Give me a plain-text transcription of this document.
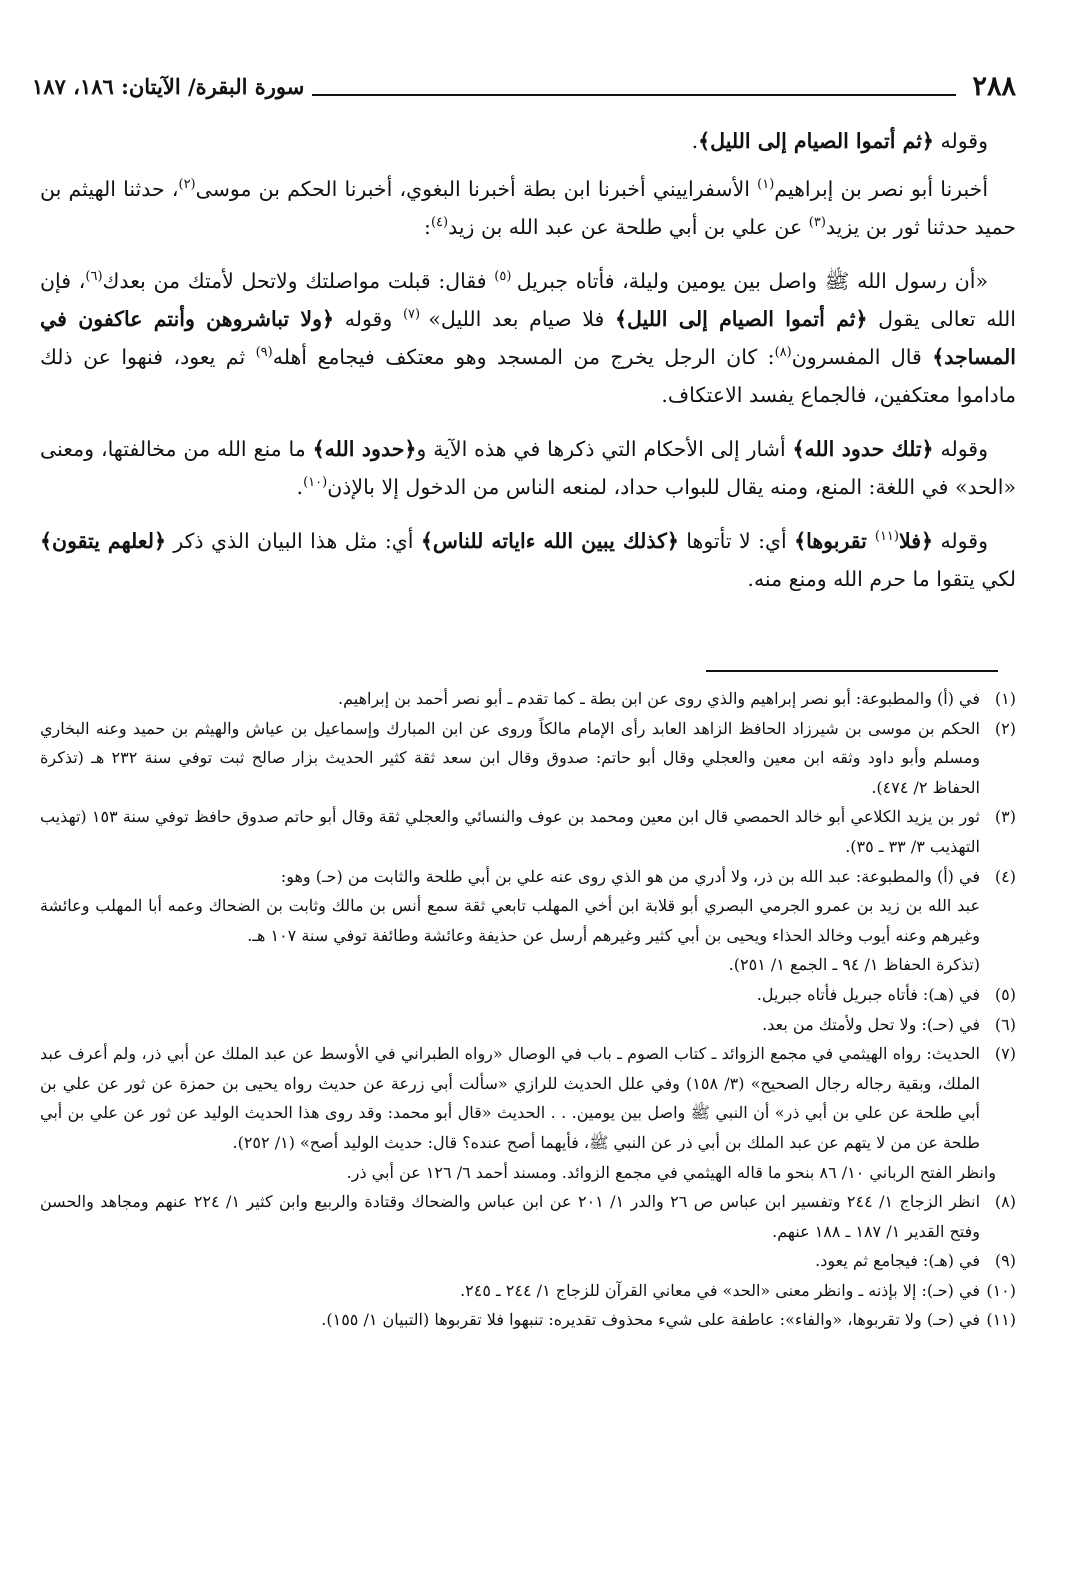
٢٨٨
سورة البقرة/ الآيتان: ١٨٦، ١٨٧

وقوله ﴿ثم أتموا الصيام إلى الليل﴾.

أخبرنا أبو نصر بن إبراهيم$^{(١)}$ الأسفراييني أخبرنا ابن بطة أخبرنا البغوي، أخبرنا الحكم بن موسى$^{(٢)}$، حدثنا الهيثم بن حميد حدثنا ثور بن يزيد$^{(٣)}$ عن علي بن أبي طلحة عن عبد الله بن زيد$^{(٤)}$:

«أن رسول الله ﷺ واصل بين يومين وليلة، فأتاه جبريل $^{(٥)}$ فقال: قبلت مواصلتك ولاتحل لأمتك من بعدك$^{(٦)}$، فإن الله تعالى يقول ﴿ثم أتموا الصيام إلى الليل﴾ فلا صيام بعد الليل» $^{(٧)}$ وقوله ﴿ولا تباشروهن وأنتم عاكفون في المساجد﴾ قال المفسرون$^{(٨)}$: كان الرجل يخرج من المسجد وهو معتكف فيجامع أهله$^{(٩)}$ ثم يعود، فنهوا عن ذلك ماداموا معتكفين، فالجماع يفسد الاعتكاف.

وقوله ﴿تلك حدود الله﴾ أشار إلى الأحكام التي ذكرها في هذه الآية و﴿حدود الله﴾ ما منع الله من مخالفتها، ومعنى «الحد» في اللغة: المنع، ومنه يقال للبواب حداد، لمنعه الناس من الدخول إلا بالإذن$^{(١٠)}$.

وقوله ﴿فلا$^{(١١)}$ تقربوها﴾ أي: لا تأتوها ﴿كذلك يبين الله ءاياته للناس﴾ أي: مثل هذا البيان الذي ذكر ﴿لعلهم يتقون﴾ لكي يتقوا ما حرم الله ومنع منه.

(١)
في (أ) والمطبوعة: أبو نصر إبراهيم والذي روى عن ابن بطة ـ كما تقدم ـ أبو نصر أحمد بن إبراهيم.
(٢)
الحكم بن موسى بن شيرزاد الحافظ الزاهد العابد رأى الإمام مالكاً وروى عن ابن المبارك وإسماعيل بن عياش والهيثم بن حميد وعنه البخاري ومسلم وأبو داود وثقه ابن معين والعجلي وقال أبو حاتم: صدوق وقال ابن سعد ثقة كثير الحديث بزار صالح ثبت توفي سنة ٢٣٢ هـ (تذكرة الحفاظ ٢/ ٤٧٤).
(٣)
ثور بن يزيد الكلاعي أبو خالد الحمصي قال ابن معين ومحمد بن عوف والنسائي والعجلي ثقة وقال أبو حاتم صدوق حافظ توفي سنة ١٥٣ (تهذيب التهذيب ٣/ ٣٣ ـ ٣٥).
(٤)
في (أ) والمطبوعة: عبد الله بن ذر، ولا أدري من هو الذي روى عنه علي بن أبي طلحة والثابت من (حـ) وهو:
عبد الله بن زيد بن عمرو الجرمي البصري أبو قلابة ابن أخي المهلب تابعي ثقة سمع أنس بن مالك وثابت بن الضحاك وعمه أبا المهلب وعائشة وغيرهم وعنه أيوب وخالد الحذاء ويحيى بن أبي كثير وغيرهم أرسل عن حذيفة وعائشة وطائفة توفي سنة ١٠٧ هـ.
(تذكرة الحفاظ ١/ ٩٤ ـ الجمع ١/ ٢٥١).
(٥)
في (هـ): فأتاه جبريل فأتاه جبريل.
(٦)
في (حـ): ولا تحل ولأمتك من بعد.
(٧)
الحديث: رواه الهيثمي في مجمع الزوائد ـ كتاب الصوم ـ باب في الوصال «رواه الطبراني في الأوسط عن عبد الملك عن أبي ذر، ولم أعرف عبد الملك، وبقية رجاله رجال الصحيح» (٣/ ١٥٨) وفي علل الحديث للرازي «سألت أبي زرعة عن حديث رواه يحيى بن حمزة عن ثور عن علي بن أبي طلحة عن علي بن أبي ذر» أن النبي ﷺ واصل بين يومين. . . الحديث «قال أبو محمد: وقد روى هذا الحديث الوليد عن ثور عن علي بن أبي طلحة عن من لا يتهم عن عبد الملك بن أبي ذر عن النبي ﷺ، فأيهما أصح عنده؟ قال: حديث الوليد أصح» (١/ ٢٥٢).
وانظر الفتح الرباني ١٠/ ٨٦ بنحو ما قاله الهيثمي في مجمع الزوائد. ومسند أحمد ٦/ ١٢٦ عن أبي ذر.
(٨)
انظر الزجاج ١/ ٢٤٤ وتفسير ابن عباس ص ٢٦ والدر ١/ ٢٠١ عن ابن عباس والضحاك وقتادة والربيع وابن كثير ١/ ٢٢٤ عنهم ومجاهد والحسن وفتح القدير ١/ ١٨٧ ـ ١٨٨ عنهم.
(٩)
في (هـ): فيجامع ثم يعود.
(١٠)
في (حـ): إلا بإذنه ـ وانظر معنى «الحد» في معاني القرآن للزجاج ١/ ٢٤٤ ـ ٢٤٥.
(١١)
في (حـ) ولا تقربوها، «والفاء»: عاطفة على شيء محذوف تقديره: تنبهوا فلا تقربوها (التبيان ١/ ١٥٥).
